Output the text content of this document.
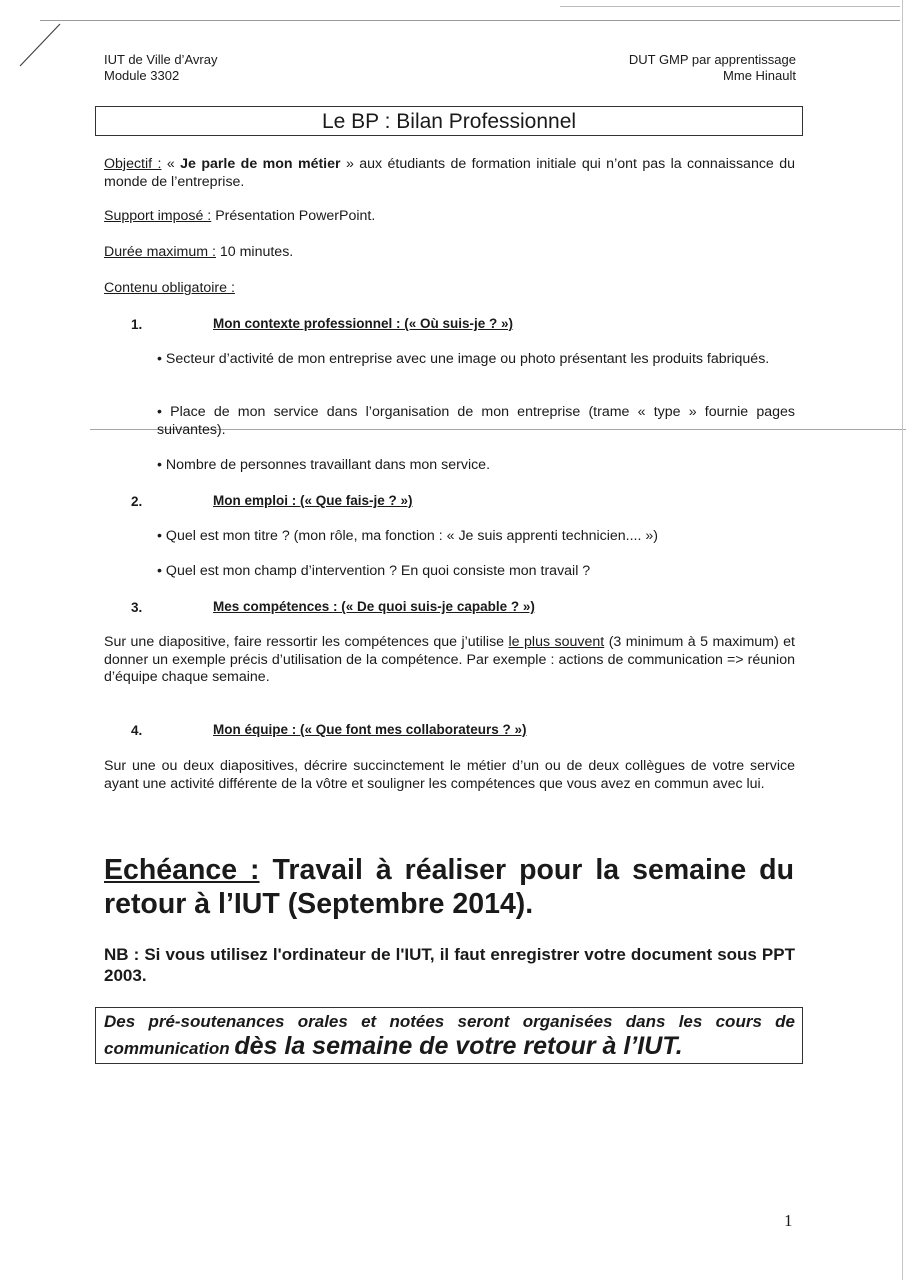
IUT de Ville d’Avray
Module 3302
DUT GMP par apprentissage
Mme Hinault
Le BP : Bilan Professionnel
Objectif : « Je parle de mon métier » aux étudiants de formation initiale qui n’ont pas la connaissance du monde de l’entreprise.
Support imposé : Présentation PowerPoint.
Durée maximum : 10 minutes.
Contenu obligatoire :
1.	Mon contexte professionnel : (« Où suis-je ? »)
• Secteur d’activité de mon entreprise avec une image ou photo présentant les produits fabriqués.
• Place de mon service dans l’organisation de mon entreprise (trame « type » fournie pages suivantes).
• Nombre de personnes travaillant dans mon service.
2.	Mon emploi : (« Que fais-je ? »)
• Quel est mon titre ? (mon rôle, ma fonction : « Je suis apprenti technicien.... »)
• Quel est mon champ d’intervention ? En quoi consiste mon travail ?
3.	Mes compétences : (« De quoi suis-je capable ? »)
Sur une diapositive, faire ressortir les compétences que j’utilise le plus souvent (3 minimum à 5 maximum) et donner un exemple précis d’utilisation de la compétence. Par exemple : actions de communication => réunion d’équipe chaque semaine.
4.	Mon équipe : (« Que font mes collaborateurs ? »)
Sur une ou deux diapositives, décrire succinctement le métier d’un ou de deux collègues de votre service ayant une activité différente de la vôtre et souligner les compétences que vous avez en commun avec lui.
Echéance : Travail à réaliser pour la semaine du retour à l’IUT (Septembre 2014).
NB : Si vous utilisez l'ordinateur de l'IUT, il faut enregistrer votre document sous PPT 2003.
Des pré-soutenances orales et notées seront organisées dans les cours de
communication dès la semaine de votre retour à l’IUT.
1
